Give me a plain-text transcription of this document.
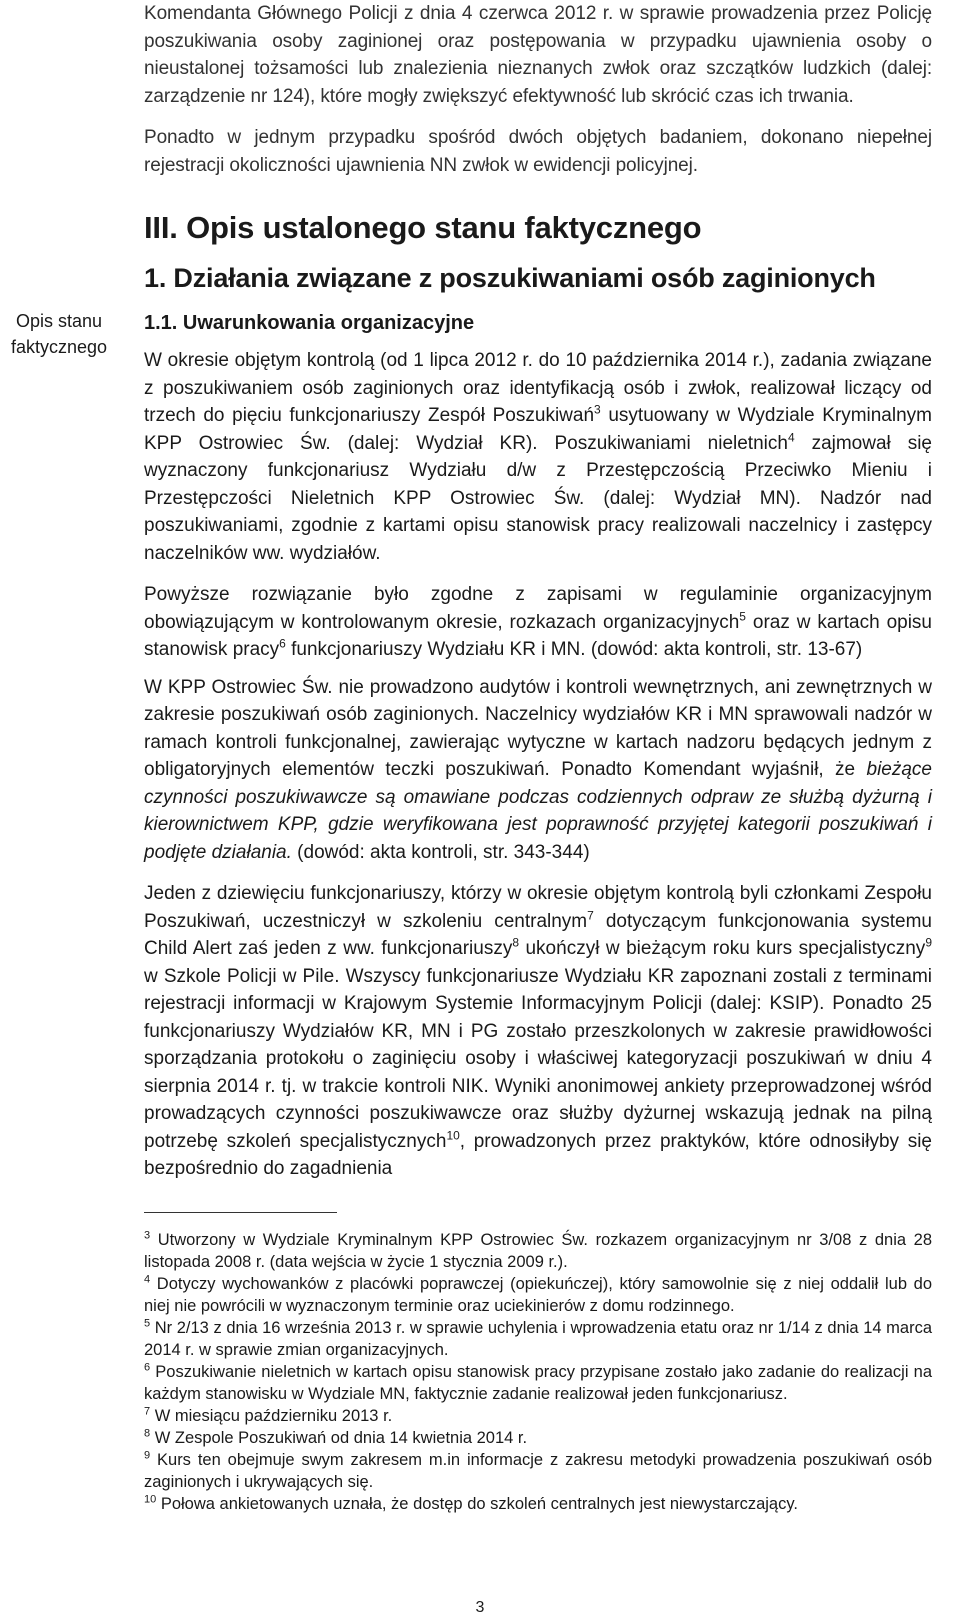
Opis stanu faktycznego

Komendanta Głównego Policji z dnia 4 czerwca 2012 r. w sprawie prowadzenia przez Policję poszukiwania osoby zaginionej oraz postępowania w przypadku ujawnienia osoby o nieustalonej tożsamości lub znalezienia nieznanych zwłok oraz szczątków ludzkich (dalej: zarządzenie nr 124), które mogły zwiększyć efektywność lub skrócić czas ich trwania.

Ponadto w jednym przypadku spośród dwóch objętych badaniem, dokonano niepełnej rejestracji okoliczności ujawnienia NN zwłok w ewidencji policyjnej.

III. Opis ustalonego stanu faktycznego
1. Działania związane z poszukiwaniami osób zaginionych
1.1. Uwarunkowania organizacyjne

W okresie objętym kontrolą (od 1 lipca 2012 r. do 10 października 2014 r.), zadania związane z poszukiwaniem osób zaginionych oraz identyfikacją osób i zwłok, realizował liczący od trzech do pięciu funkcjonariuszy Zespół Poszukiwań$^3$ usytuowany w Wydziale Kryminalnym KPP Ostrowiec Św. (dalej: Wydział KR). Poszukiwaniami nieletnich$^4$ zajmował się wyznaczony funkcjonariusz Wydziału d/w z Przestępczością Przeciwko Mieniu i Przestępczości Nieletnich KPP Ostrowiec Św. (dalej: Wydział MN). Nadzór nad poszukiwaniami, zgodnie z kartami opisu stanowisk pracy realizowali naczelnicy i zastępcy naczelników ww. wydziałów.

Powyższe rozwiązanie było zgodne z zapisami w regulaminie organizacyjnym obowiązującym w kontrolowanym okresie, rozkazach organizacyjnych$^5$ oraz w kartach opisu stanowisk pracy$^6$ funkcjonariuszy Wydziału KR i MN. (dowód: akta kontroli, str. 13-67)

W KPP Ostrowiec Św. nie prowadzono audytów i kontroli wewnętrznych, ani zewnętrznych w zakresie poszukiwań osób zaginionych. Naczelnicy wydziałów KR i MN sprawowali nadzór w ramach kontroli funkcjonalnej, zawierając wytyczne w kartach nadzoru będących jednym z obligatoryjnych elementów teczki poszukiwań. Ponadto Komendant wyjaśnił, że bieżące czynności poszukiwawcze są omawiane podczas codziennych odpraw ze służbą dyżurną i kierownictwem KPP, gdzie weryfikowana jest poprawność przyjętej kategorii poszukiwań i podjęte działania. (dowód: akta kontroli, str. 343-344)

Jeden z dziewięciu funkcjonariuszy, którzy w okresie objętym kontrolą byli członkami Zespołu Poszukiwań, uczestniczył w szkoleniu centralnym$^7$ dotyczącym funkcjonowania systemu Child Alert zaś jeden z ww. funkcjonariuszy$^8$ ukończył w bieżącym roku kurs specjalistyczny$^9$ w Szkole Policji w Pile. Wszyscy funkcjonariusze Wydziału KR zapoznani zostali z terminami rejestracji informacji w Krajowym Systemie Informacyjnym Policji (dalej: KSIP). Ponadto 25 funkcjonariuszy Wydziałów KR, MN i PG zostało przeszkolonych w zakresie prawidłowości sporządzania protokołu o zaginięciu osoby i właściwej kategoryzacji poszukiwań w dniu 4 sierpnia 2014 r. tj. w trakcie kontroli NIK. Wyniki anonimowej ankiety przeprowadzonej wśród prowadzących czynności poszukiwawcze oraz służby dyżurnej wskazują jednak na pilną potrzebę szkoleń specjalistycznych$^{10}$, prowadzonych przez praktyków, które odnosiłyby się bezpośrednio do zagadnienia

$^3$ Utworzony w Wydziale Kryminalnym KPP Ostrowiec Św. rozkazem organizacyjnym nr 3/08 z dnia 28 listopada 2008 r. (data wejścia w życie 1 stycznia 2009 r.).

$^4$ Dotyczy wychowanków z placówki poprawczej (opiekuńczej), który samowolnie się z niej oddalił lub do niej nie powrócili w wyznaczonym terminie oraz uciekinierów z domu rodzinnego.

$^5$ Nr 2/13 z dnia 16 września 2013 r. w sprawie uchylenia i wprowadzenia etatu oraz nr 1/14 z dnia 14 marca 2014 r. w sprawie zmian organizacyjnych.

$^6$ Poszukiwanie nieletnich w kartach opisu stanowisk pracy przypisane zostało jako zadanie do realizacji na każdym stanowisku w Wydziale MN, faktycznie zadanie realizował jeden funkcjonariusz.

$^7$ W miesiącu październiku 2013 r.

$^8$ W Zespole Poszukiwań od dnia 14 kwietnia 2014 r.

$^9$ Kurs ten obejmuje swym zakresem m.in informacje z zakresu metodyki prowadzenia poszukiwań osób zaginionych i ukrywających się.

$^{10}$ Połowa ankietowanych uznała, że dostęp do szkoleń centralnych jest niewystarczający.

3
